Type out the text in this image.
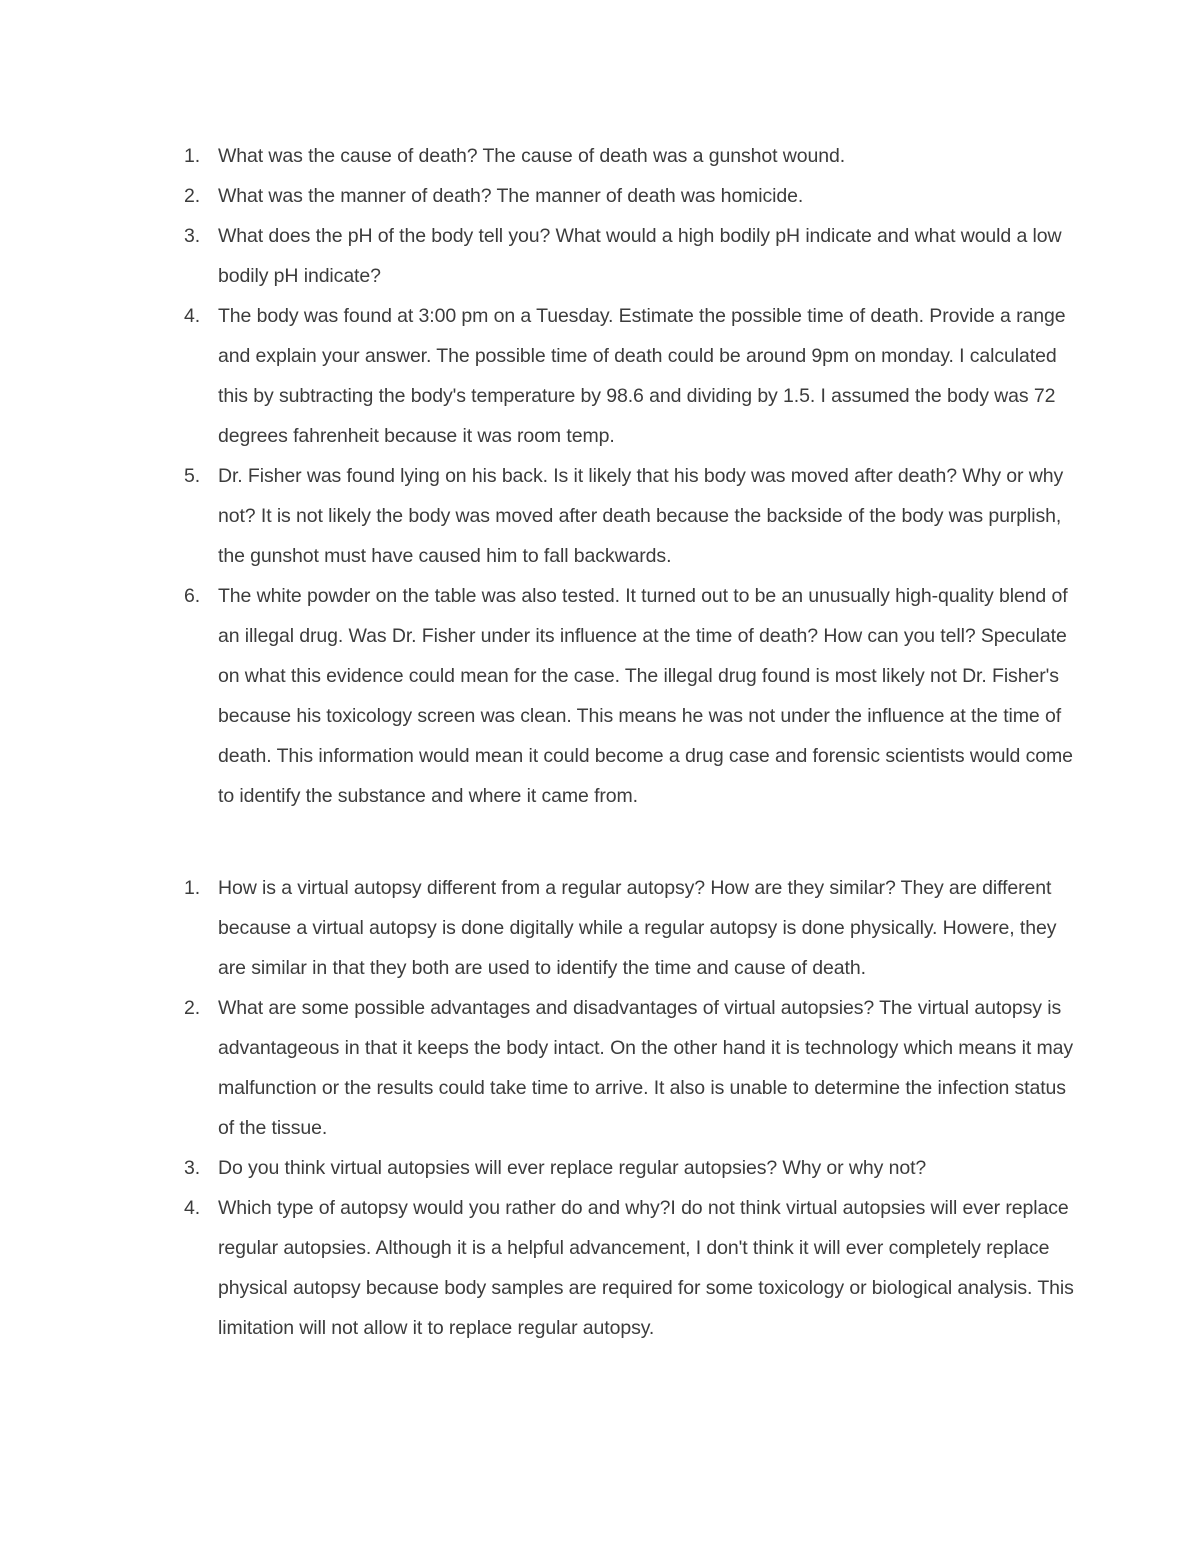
1. What was the cause of death? The cause of death was a gunshot wound.
2. What was the manner of death? The manner of death was homicide.
3. What does the pH of the body tell you? What would a high bodily pH indicate and what would a low bodily pH indicate?
4. The body was found at 3:00 pm on a Tuesday. Estimate the possible time of death. Provide a range and explain your answer. The possible time of death could be around 9pm on monday. I calculated this by subtracting the body's temperature by 98.6 and dividing by 1.5. I assumed the body was 72 degrees fahrenheit because it was room temp.
5. Dr. Fisher was found lying on his back. Is it likely that his body was moved after death? Why or why not? It is not likely the body was moved after death because the backside of the body was purplish, the gunshot must have caused him to fall backwards.
6. The white powder on the table was also tested. It turned out to be an unusually high-quality blend of an illegal drug. Was Dr. Fisher under its influence at the time of death? How can you tell? Speculate on what this evidence could mean for the case. The illegal drug found is most likely not Dr. Fisher's because his toxicology screen was clean. This means he was not under the influence at the time of death. This information would mean it could become a drug case and forensic scientists would come to identify the substance and where it came from.
1. How is a virtual autopsy different from a regular autopsy? How are they similar? They are different because a virtual autopsy is done digitally while a regular autopsy is done physically. Howere, they are similar in that they both are used to identify the time and cause of death.
2. What are some possible advantages and disadvantages of virtual autopsies? The virtual autopsy is advantageous in that it keeps the body intact. On the other hand it is technology which means it may malfunction or the results could take time to arrive. It also is unable to determine the infection status of the tissue.
3. Do you think virtual autopsies will ever replace regular autopsies? Why or why not?
4. Which type of autopsy would you rather do and why?I do not think virtual autopsies will ever replace regular autopsies. Although it is a helpful advancement, I don't think it will ever completely replace physical autopsy because body samples are required for some toxicology or biological analysis. This limitation will not allow it to replace regular autopsy.
